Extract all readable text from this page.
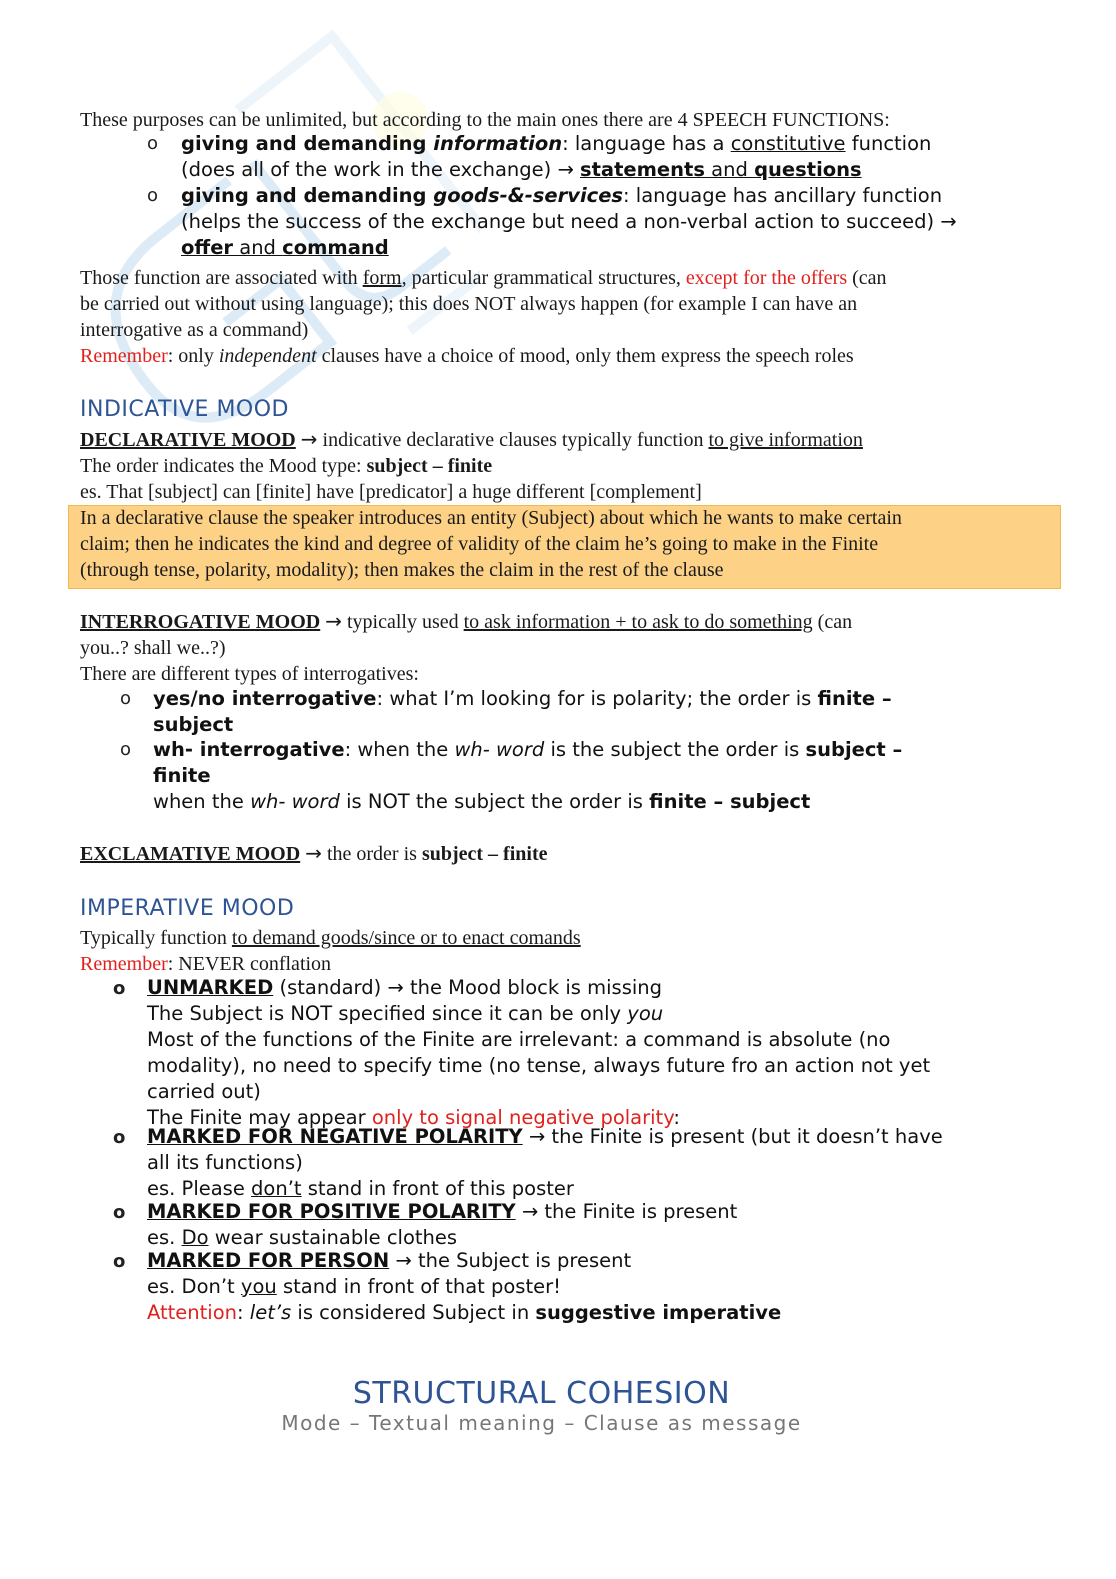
These purposes can be unlimited, but according to the main ones there are 4 SPEECH FUNCTIONS:
o giving and demanding information: language has a constitutive function
(does all of the work in the exchange) → statements and questions
o giving and demanding goods-&-services: language has ancillary function
(helps the success of the exchange but need a non-verbal action to succeed) →
offer and command
Those function are associated with form, particular grammatical structures, except for the offers (can
be carried out without using language); this does NOT always happen (for example I can have an
interrogative as a command)
Remember: only independent clauses have a choice of mood, only them express the speech roles
INDICATIVE MOOD
DECLARATIVE MOOD → indicative declarative clauses typically function to give information
The order indicates the Mood type: subject – finite
es. That [subject] can [finite] have [predicator] a huge different [complement]
In a declarative clause the speaker introduces an entity (Subject) about which he wants to make certain
claim; then he indicates the kind and degree of validity of the claim he’s going to make in the Finite
(through tense, polarity, modality); then makes the claim in the rest of the clause
INTERROGATIVE MOOD → typically used to ask information + to ask to do something (can
you..? shall we..?)
There are different types of interrogatives:
o yes/no interrogative: what I’m looking for is polarity; the order is finite –
subject
o wh- interrogative: when the wh- word is the subject the order is subject –
finite
when the wh- word is NOT the subject the order is finite – subject
EXCLAMATIVE MOOD → the order is subject – finite
IMPERATIVE MOOD
Typically function to demand goods/since or to enact comands
Remember: NEVER conflation
o UNMARKED (standard) → the Mood block is missing
The Subject is NOT specified since it can be only you
Most of the functions of the Finite are irrelevant: a command is absolute (no
modality), no need to specify time (no tense, always future fro an action not yet
carried out)
The Finite may appear only to signal negative polarity:
o MARKED FOR NEGATIVE POLARITY → the Finite is present (but it doesn’t have
all its functions)
es. Please don’t stand in front of this poster
o MARKED FOR POSITIVE POLARITY → the Finite is present
es. Do wear sustainable clothes
o MARKED FOR PERSON → the Subject is present
es. Don’t you stand in front of that poster!
Attention: let’s is considered Subject in suggestive imperative
STRUCTURAL COHESION
Mode – Textual meaning – Clause as message
